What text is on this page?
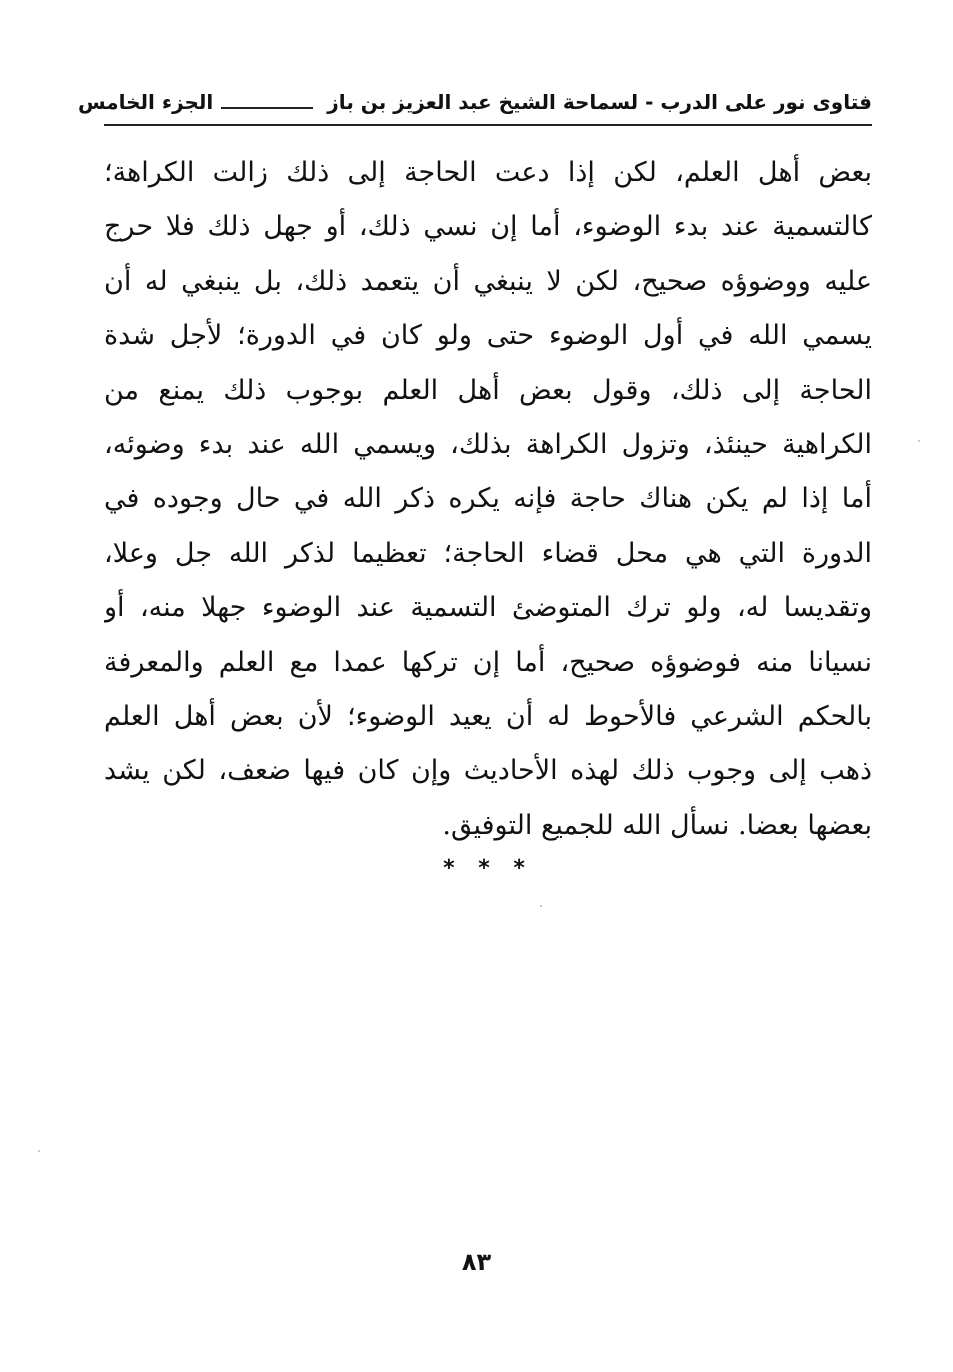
فتاوى نور على الدرب - لسماحة الشيخ عبد العزيز بن باز
الجزء الخامس
بعض أهل العلم، لكن إذا دعت الحاجة إلى ذلك زالت الكراهة؛
كالتسمية عند بدء الوضوء، أما إن نسي ذلك، أو جهل ذلك فلا حرج
عليه ووضوؤه صحيح، لكن لا ينبغي أن يتعمد ذلك، بل ينبغي له أن
يسمي الله في أول الوضوء حتى ولو كان في الدورة؛ لأجل شدة
الحاجة إلى ذلك، وقول بعض أهل العلم بوجوب ذلك يمنع من
الكراهية حينئذ، وتزول الكراهة بذلك، ويسمي الله عند بدء وضوئه،
أما إذا لم يكن هناك حاجة فإنه يكره ذكر الله في حال وجوده في
الدورة التي هي محل قضاء الحاجة؛ تعظيما لذكر الله جل وعلا،
وتقديسا له، ولو ترك المتوضئ التسمية عند الوضوء جهلا منه، أو
نسيانا منه فوضوؤه صحيح، أما إن تركها عمدا مع العلم والمعرفة
بالحكم الشرعي فالأحوط له أن يعيد الوضوء؛ لأن بعض أهل العلم
ذهب إلى وجوب ذلك لهذه الأحاديث وإن كان فيها ضعف، لكن يشد
بعضها بعضا. نسأل الله للجميع التوفيق.
* * *
٨٣
